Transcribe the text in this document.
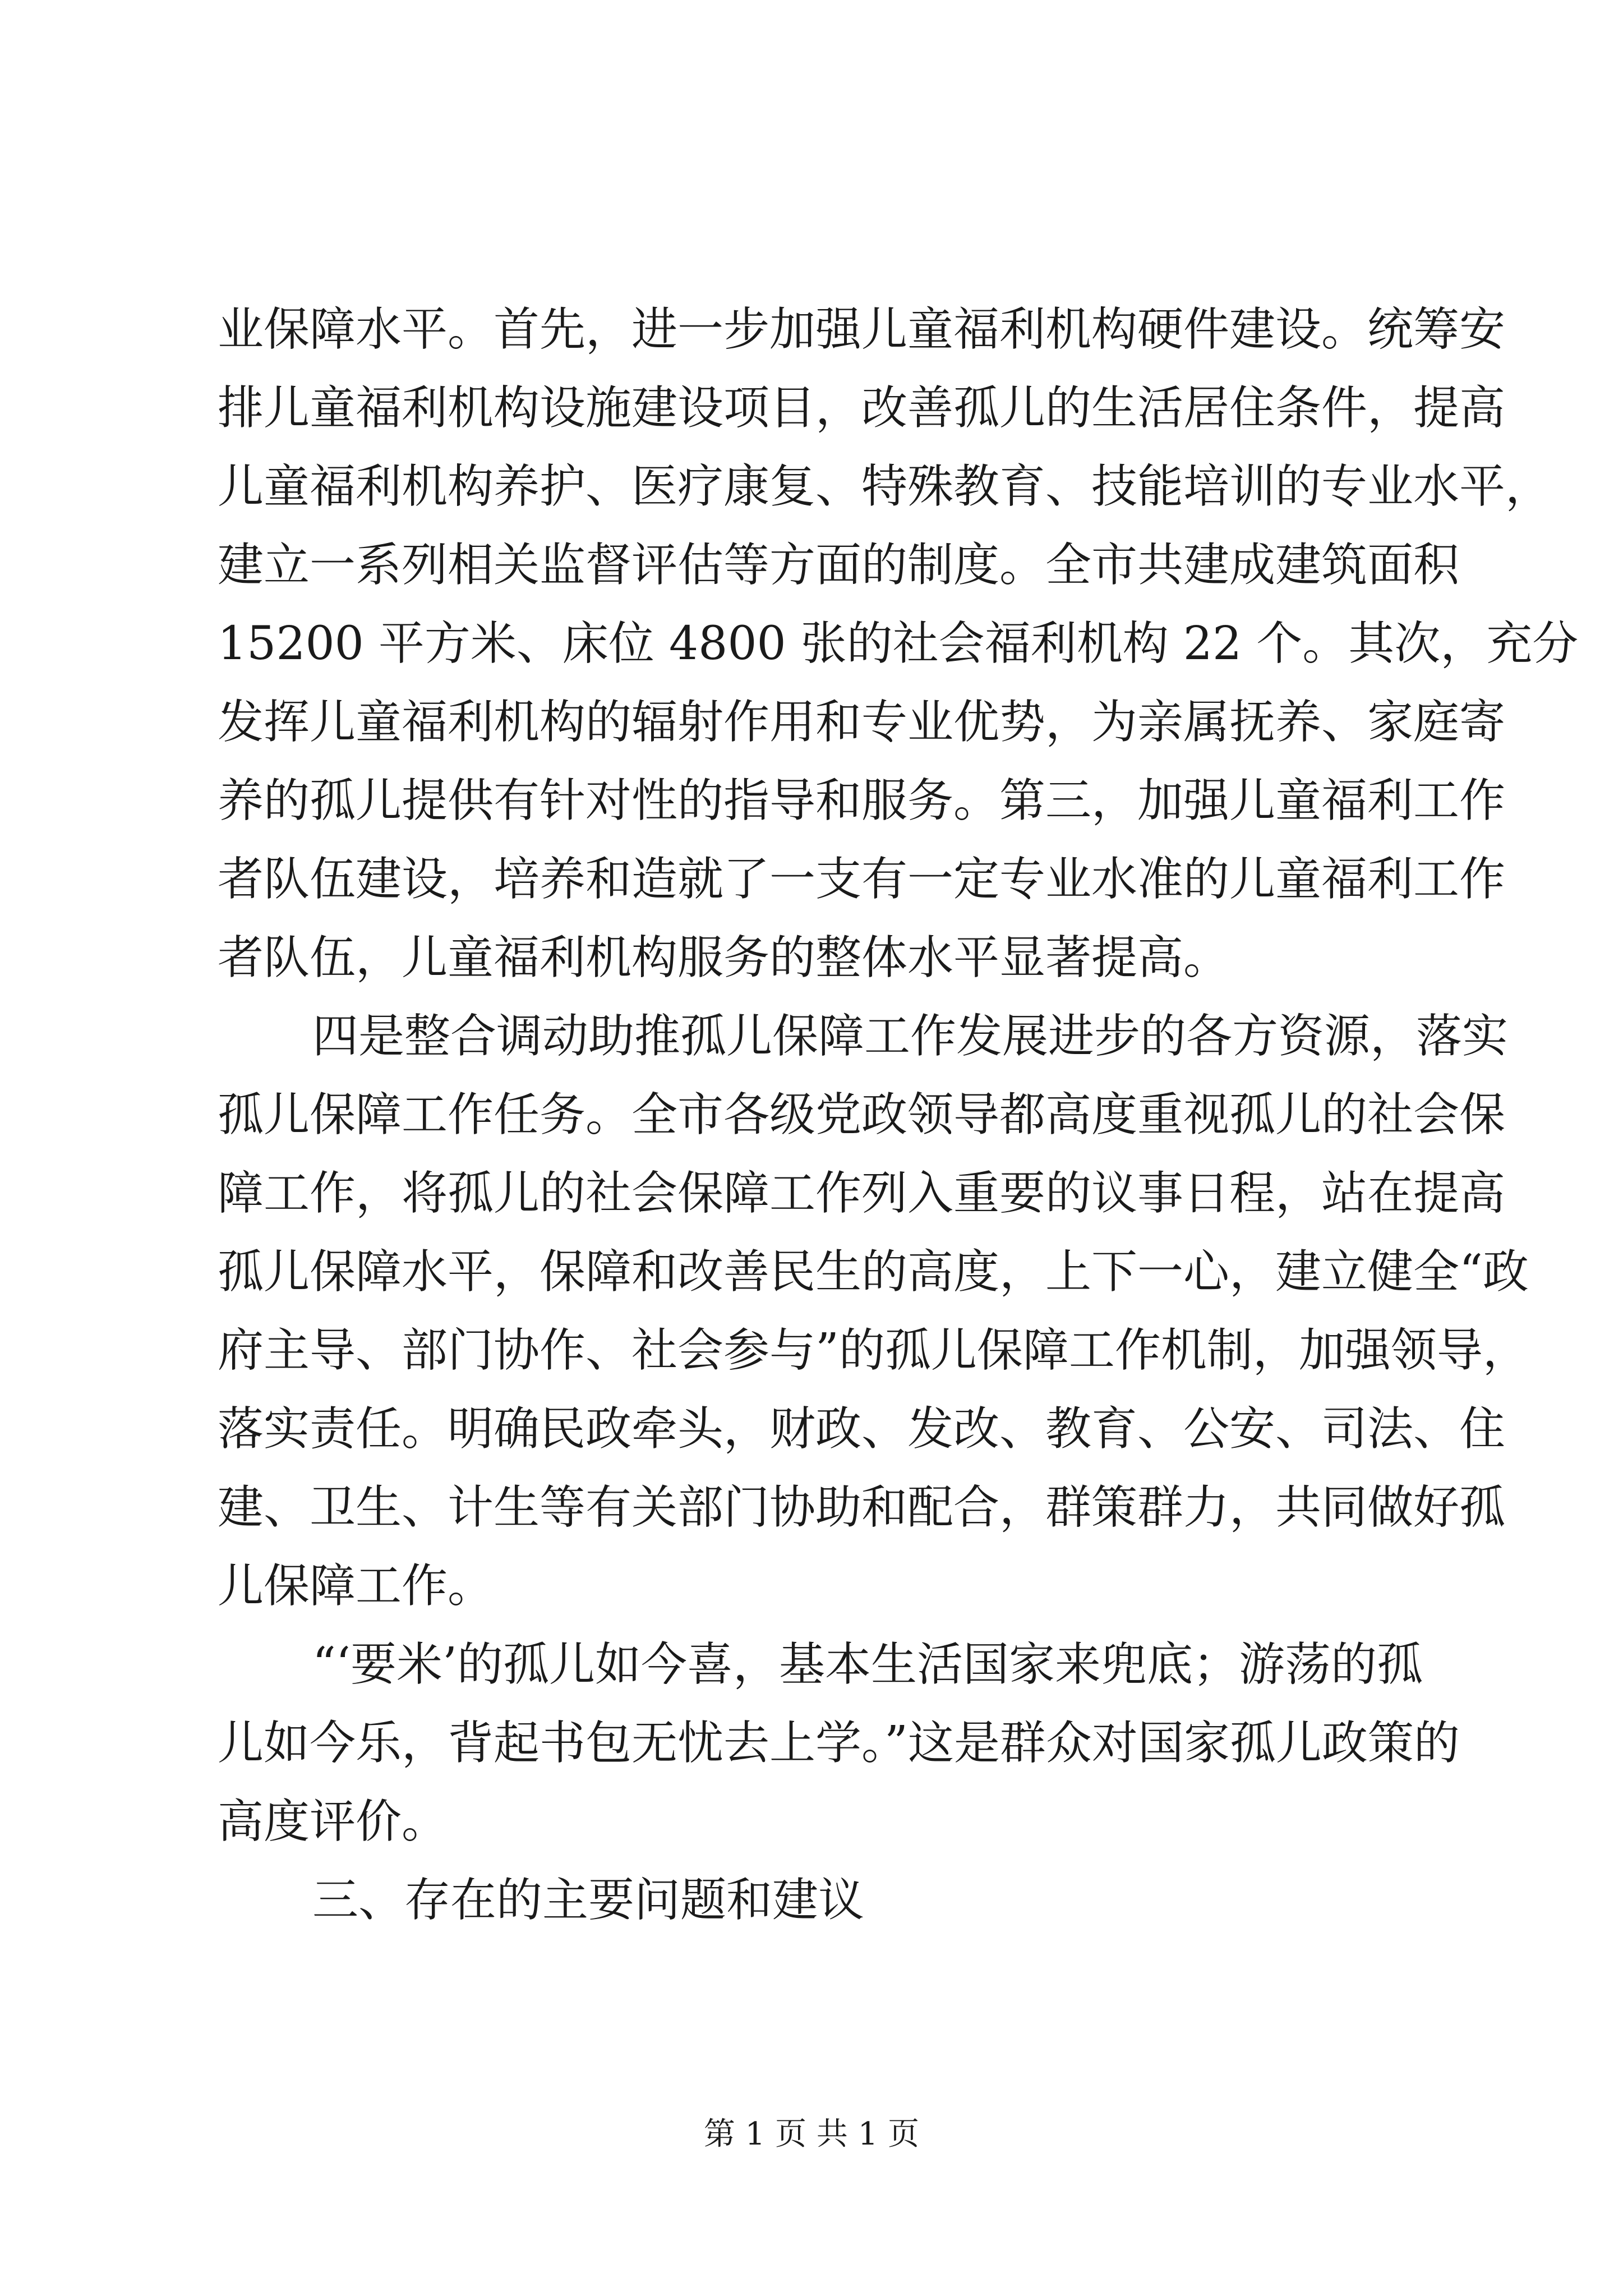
业保障水平。首先，进一步加强儿童福利机构硬件建设。统筹安
排儿童福利机构设施建设项目，改善孤儿的生活居住条件，提高
儿童福利机构养护、医疗康复、特殊教育、技能培训的专业水平，
建立一系列相关监督评估等方面的制度。全市共建成建筑面积
15200 平方米、床位 4800 张的社会福利机构 22 个。其次，充分
发挥儿童福利机构的辐射作用和专业优势，为亲属抚养、家庭寄
养的孤儿提供有针对性的指导和服务。第三，加强儿童福利工作
者队伍建设，培养和造就了一支有一定专业水准的儿童福利工作
者队伍，儿童福利机构服务的整体水平显著提高。
四是整合调动助推孤儿保障工作发展进步的各方资源，落实
孤儿保障工作任务。全市各级党政领导都高度重视孤儿的社会保
障工作，将孤儿的社会保障工作列入重要的议事日程，站在提高
孤儿保障水平，保障和改善民生的高度，上下一心，建立健全“政
府主导、部门协作、社会参与”的孤儿保障工作机制，加强领导，
落实责任。明确民政牵头，财政、发改、教育、公安、司法、住
建、卫生、计生等有关部门协助和配合，群策群力，共同做好孤
儿保障工作。
“‘要米’的孤儿如今喜，基本生活国家来兜底；游荡的孤
儿如今乐，背起书包无忧去上学。”这是群众对国家孤儿政策的
高度评价。
三、存在的主要问题和建议
第 1 页 共 1 页
